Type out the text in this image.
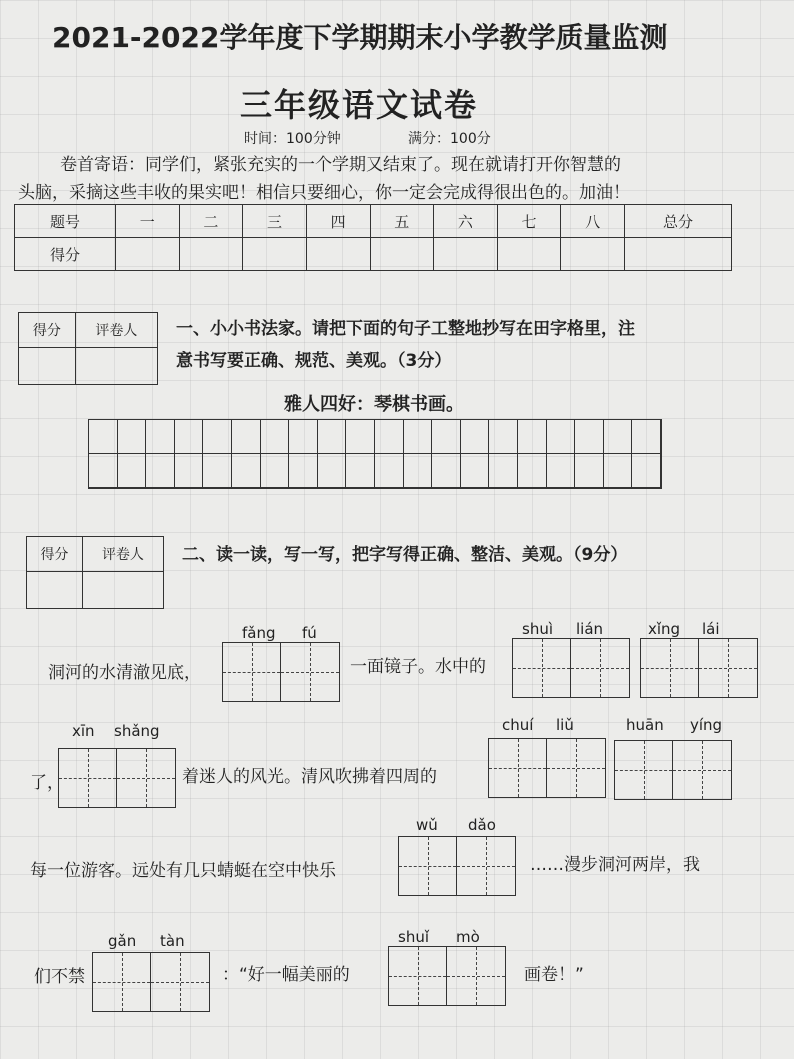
2021-2022学年度下学期期末小学教学质量监测
三年级语文试卷
时间：100分钟	满分：100分
卷首寄语：同学们，紧张充实的一个学期又结束了。现在就请打开你智慧的
头脑，采摘这些丰收的果实吧！相信只要细心，你一定会完成得很出色的。加油！
题号	一	二	三	四	五	六	七	八	总分
得分									
得分	评卷人
	一、小小书法家。请把下面的句子工整地抄写在田字格里，注
意书写要正确、规范、美观。（3分）
雅人四好：琴棋书画。
得分	评卷人
	二、读一读，写一写，把字写得正确、整洁、美观。（9分）
fǎng fú	shuì lián	xǐng lái
洞河的水清澈见底，	一面镜子。水中的
xīn shǎng	chuí liǔ	huān yíng
了，	着迷人的风光。清风吹拂着四周的
wǔ dǎo
每一位游客。远处有几只蜻蜓在空中快乐	……漫步洞河两岸，我
gǎn tàn	shuǐ mò
们不禁	：“好一幅美丽的	画卷！”
